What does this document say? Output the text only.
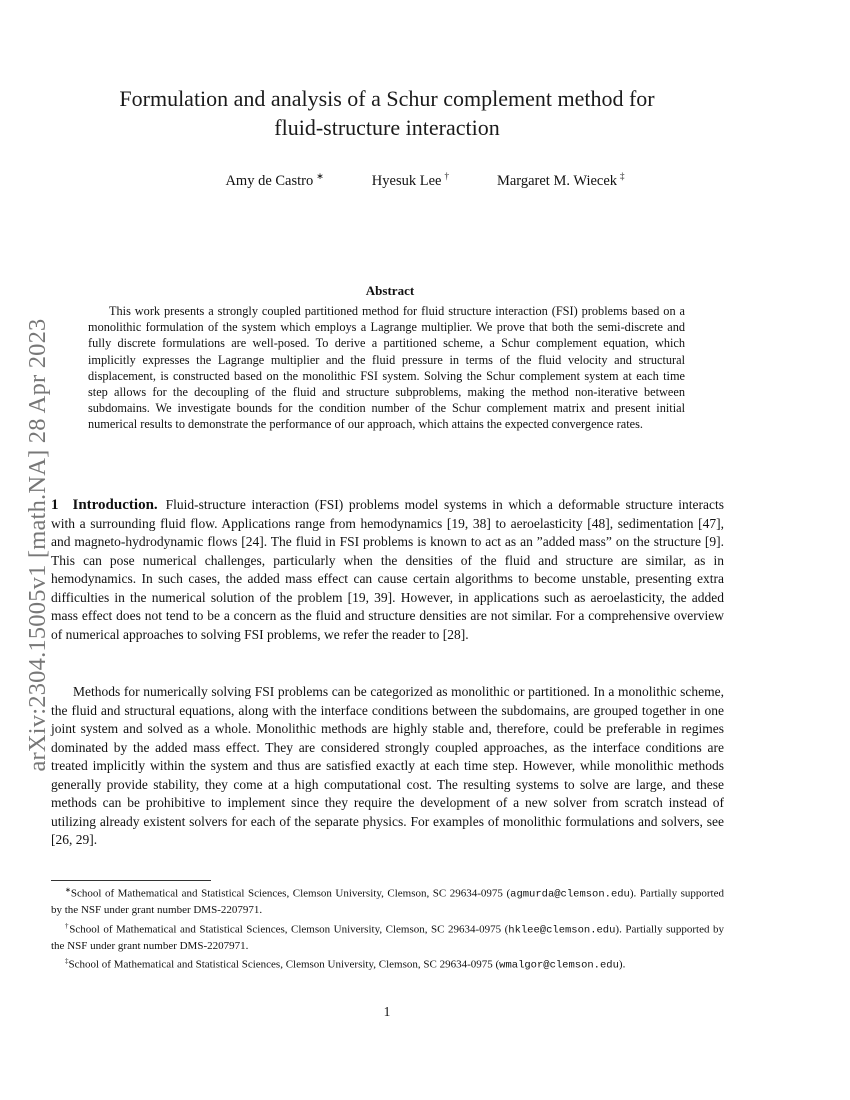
arXiv:2304.15005v1 [math.NA] 28 Apr 2023
Formulation and analysis of a Schur complement method for
fluid-structure interaction
Amy de Castro ∗	Hyesuk Lee †	Margaret M. Wiecek ‡
Abstract

This work presents a strongly coupled partitioned method for fluid structure interaction (FSI) problems based on a monolithic formulation of the system which employs a Lagrange multiplier. We prove that both the semi-discrete and fully discrete formulations are well-posed. To derive a partitioned scheme, a Schur complement equation, which implicitly expresses the Lagrange multiplier and the fluid pressure in terms of the fluid velocity and structural displacement, is constructed based on the monolithic FSI system. Solving the Schur complement system at each time step allows for the decoupling of the fluid and structure subproblems, making the method non-iterative between subdomains. We investigate bounds for the condition number of the Schur complement matrix and present initial numerical results to demonstrate the performance of our approach, which attains the expected convergence rates.

1 Introduction. Fluid-structure interaction (FSI) problems model systems in which a deformable structure interacts with a surrounding fluid flow. Applications range from hemodynamics [19, 38] to aeroelasticity [48], sedimentation [47], and magneto-hydrodynamic flows [24]. The fluid in FSI problems is known to act as an ”added mass” on the structure [9]. This can pose numerical challenges, particularly when the densities of the fluid and structure are similar, as in hemodynamics. In such cases, the added mass effect can cause certain algorithms to become unstable, presenting extra difficulties in the numerical solution of the problem [19, 39]. However, in applications such as aeroelasticity, the added mass effect does not tend to be a concern as the fluid and structure densities are not similar. For a comprehensive overview of numerical approaches to solving FSI problems, we refer the reader to [28].

Methods for numerically solving FSI problems can be categorized as monolithic or partitioned. In a monolithic scheme, the fluid and structural equations, along with the interface conditions between the subdomains, are grouped together in one joint system and solved as a whole. Monolithic methods are highly stable and, therefore, could be preferable in regimes dominated by the added mass effect. They are considered strongly coupled approaches, as the interface conditions are treated implicitly within the system and thus are satisfied exactly at each time step. However, while monolithic methods generally provide stability, they come at a high computational cost. The resulting systems to solve are large, and these methods can be prohibitive to implement since they require the development of a new solver from scratch instead of utilizing already existent solvers for each of the separate physics. For examples of monolithic formulations and solvers, see [26, 29].

∗School of Mathematical and Statistical Sciences, Clemson University, Clemson, SC 29634-0975 (agmurda@clemson.edu). Partially supported by the NSF under grant number DMS-2207971.

†School of Mathematical and Statistical Sciences, Clemson University, Clemson, SC 29634-0975 (hklee@clemson.edu). Partially supported by the NSF under grant number DMS-2207971.

‡School of Mathematical and Statistical Sciences, Clemson University, Clemson, SC 29634-0975 (wmalgor@clemson.edu).

1
